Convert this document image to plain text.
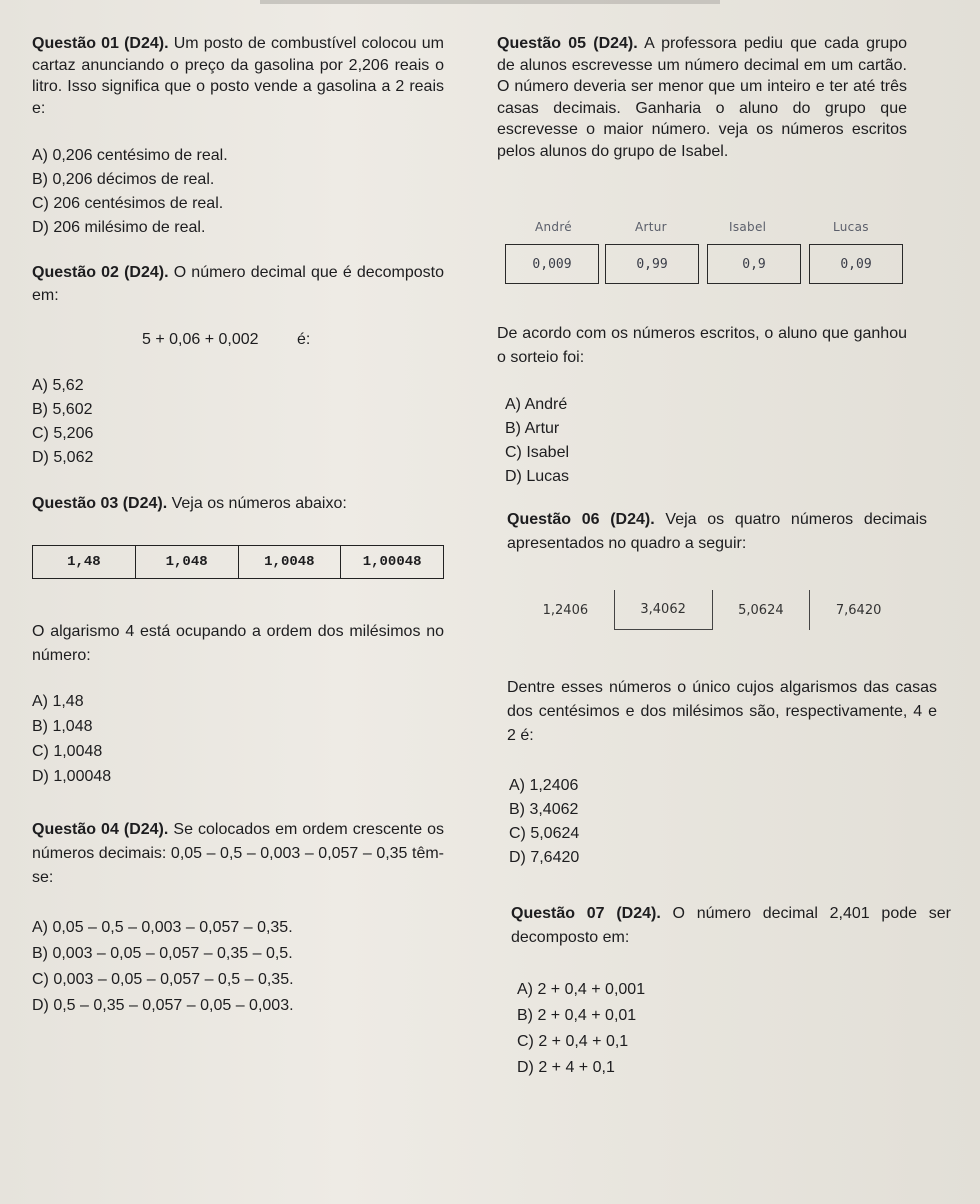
Questão 01 (D24). Um posto de combustível colocou um cartaz anunciando o preço da gasolina por 2,206 reais o litro. Isso significa que o posto vende a gasolina a 2 reais e:
A) 0,206 centésimo de real.
B) 0,206 décimos de real.
C) 206 centésimos de real.
D) 206 milésimo de real.
Questão 02 (D24). O número decimal que é decomposto em:
5 + 0,06 + 0,002 é:
A) 5,62
B) 5,602
C) 5,206
D) 5,062
Questão 03 (D24). Veja os números abaixo:
1,48	1,048	1,0048	1,00048
O algarismo 4 está ocupando a ordem dos milésimos no número:
A) 1,48
B) 1,048
C) 1,0048
D) 1,00048
Questão 04 (D24). Se colocados em ordem crescente os números decimais: 0,05 – 0,5 – 0,003 – 0,057 – 0,35 têm-se:
A) 0,05 – 0,5 – 0,003 – 0,057 – 0,35.
B) 0,003 – 0,05 – 0,057 – 0,35 – 0,5.
C) 0,003 – 0,05 – 0,057 – 0,5 – 0,35.
D) 0,5 – 0,35 – 0,057 – 0,05 – 0,003.
Questão 05 (D24). A professora pediu que cada grupo de alunos escrevesse um número decimal em um cartão. O número deveria ser menor que um inteiro e ter até três casas decimais. Ganharia o aluno do grupo que escrevesse o maior número. veja os números escritos pelos alunos do grupo de Isabel.
André	Artur	Isabel	Lucas
0,009	0,99	0,9	0,09
De acordo com os números escritos, o aluno que ganhou o sorteio foi:
A) André
B) Artur
C) Isabel
D) Lucas
Questão 06 (D24). Veja os quatro números decimais apresentados no quadro a seguir:
1,2406	3,4062	5,0624	7,6420
Dentre esses números o único cujos algarismos das casas dos centésimos e dos milésimos são, respectivamente, 4 e 2 é:
A) 1,2406
B) 3,4062
C) 5,0624
D) 7,6420
Questão 07 (D24). O número decimal 2,401 pode ser decomposto em:
A) 2 + 0,4 + 0,001
B) 2 + 0,4 + 0,01
C) 2 + 0,4 + 0,1
D) 2 + 4 + 0,1
